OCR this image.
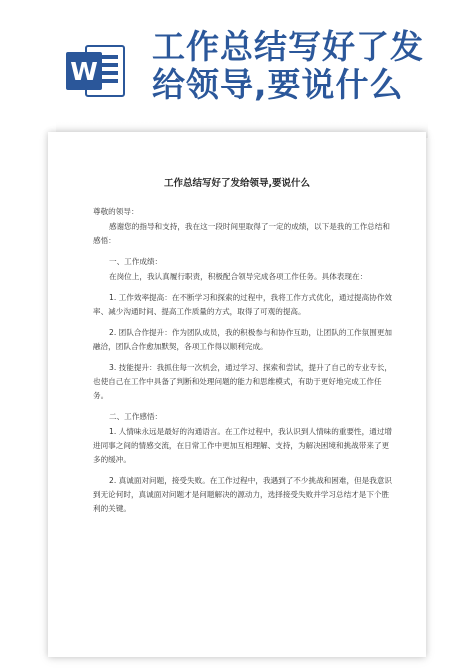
W
工作总结写好了发
给领导,要说什么
工作总结写好了发给领导,要说什么

尊敬的领导：

感谢您的指导和支持，我在这一段时间里取得了一定的成绩，以下是我的工作总结和感悟：

一、工作成绩：

在岗位上，我认真履行职责，积极配合领导完成各项工作任务。具体表现在：

1. 工作效率提高：在不断学习和探索的过程中，我将工作方式优化，通过提高协作效率、减少沟通时间、提高工作质量的方式，取得了可观的提高。

2. 团队合作提升：作为团队成员，我的积极参与和协作互助，让团队的工作氛围更加融洽，团队合作愈加默契，各项工作得以顺利完成。

3. 技能提升：我抓住每一次机会，通过学习、探索和尝试，提升了自己的专业专长，也使自己在工作中具备了判断和处理问题的能力和思维模式，有助于更好地完成工作任务。

二、工作感悟：

1. 人情味永远是最好的沟通语言。在工作过程中，我认识到人情味的重要性，通过增进同事之间的情感交流，在日常工作中更加互相理解、支持，为解决困境和挑战带来了更多的缓冲。

2. 真诚面对问题，接受失败。在工作过程中，我遇到了不少挑战和困难，但是我意识到无论何时，真诚面对问题才是问题解决的源动力，选择接受失败并学习总结才是下个胜利的关键。
